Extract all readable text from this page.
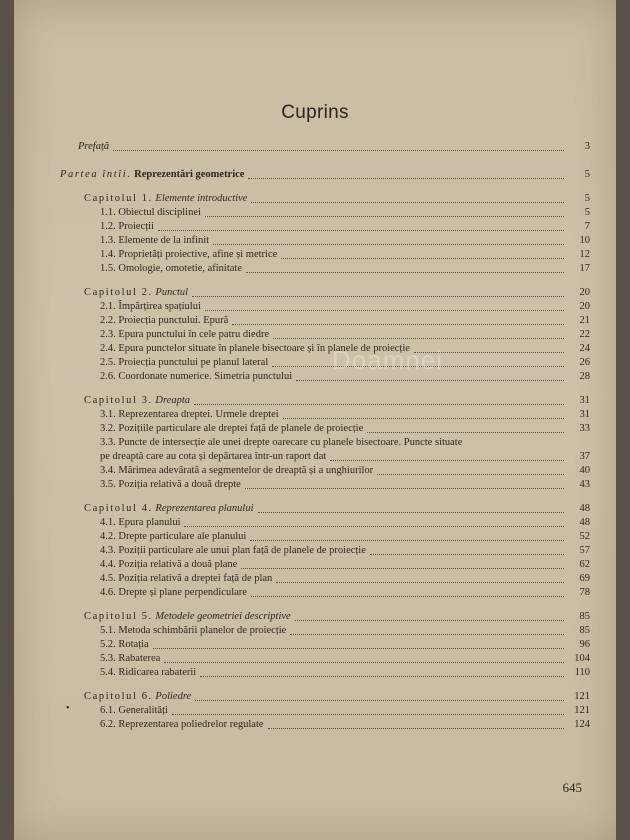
Cuprins
Prefață	3
Partea întîi. Reprezentări geometrice	5
Capitolul 1. Elemente introductive	5
1.1. Obiectul disciplinei	5
1.2. Proiecții	7
1.3. Elemente de la infinit	10
1.4. Proprietăți proiective, afine și metrice	12
1.5. Omologie, omotetie, afinitate	17
Capitolul 2. Punctul	20
2.1. Împărțirea spațiului	20
2.2. Proiecția punctului. Epură	21
2.3. Epura punctului în cele patru diedre	22
2.4. Epura punctelor situate în planele bisectoare și în planele de proiecție	24
2.5. Proiecția punctului pe planul lateral	26
2.6. Coordonate numerice. Simetria punctului	28
Capitolul 3. Dreapta	31
3.1. Reprezentarea dreptei. Urmele dreptei	31
3.2. Pozițiile particulare ale dreptei față de planele de proiecție	33
3.3. Puncte de intersecție ale unei drepte oarecare cu planele bisectoare. Puncte situate
pe dreaptă care au cota și depărtarea într-un raport dat	37
3.4. Mărimea adevărată a segmentelor de dreaptă și a unghiurilor	40
3.5. Poziția relativă a două drepte	43
Capitolul 4. Reprezentarea planului	48
4.1. Epura planului	48
4.2. Drepte particulare ale planului	52
4.3. Poziții particulare ale unui plan față de planele de proiecție	57
4.4. Poziția relativă a două plane	62
4.5. Poziția relativă a dreptei față de plan	69
4.6. Drepte și plane perpendiculare	78
Capitolul 5. Metodele geometriei descriptive	85
5.1. Metoda schimbării planelor de proiecție	85
5.2. Rotația	96
5.3. Rabaterea	104
5.4. Ridicarea rabaterii	110
Capitolul 6. Poliedre	121
6.1. Generalități	121
6.2. Reprezentarea poliedrelor regulate	124
Doamnei
•
645
